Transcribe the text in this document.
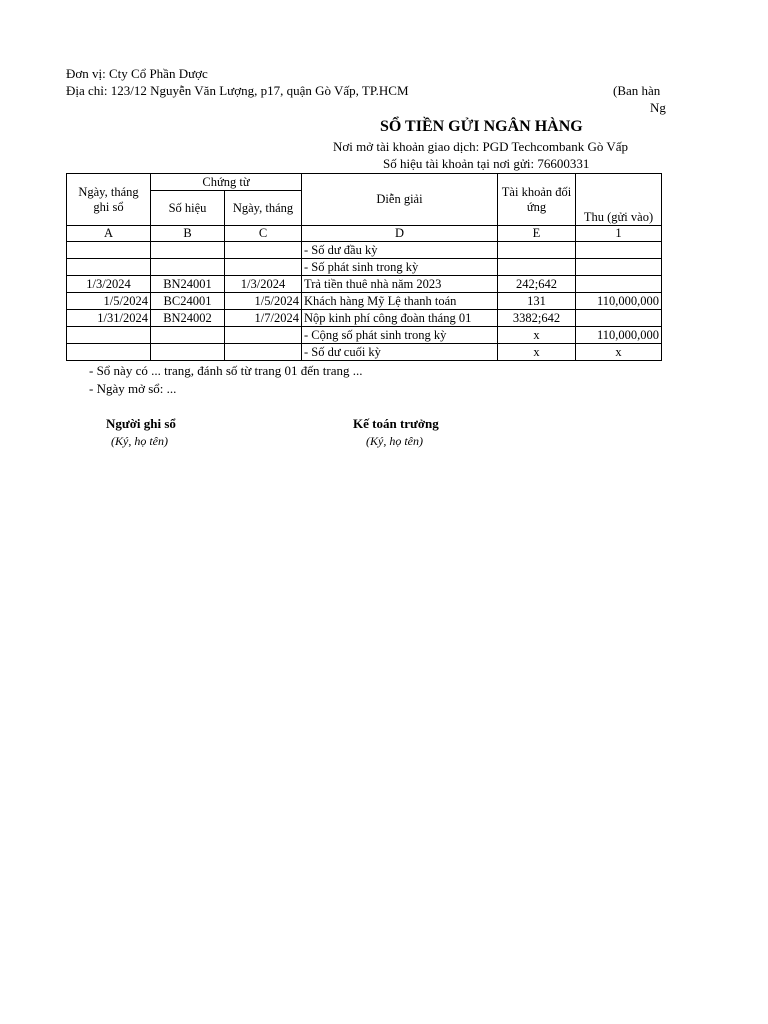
Đơn vị: Cty Cổ Phần Dược
Địa chỉ: 123/12 Nguyễn Văn Lượng, p17, quận Gò Vấp, TP.HCM	(Ban hàn
Ng
SỔ TIỀN GỬI NGÂN HÀNG
Nơi mở tài khoản giao dịch: PGD Techcombank Gò Vấp
Số hiệu tài khoản tại nơi gửi: 76600331
Ngày, tháng ghi sổ	Chứng từ		Diễn giải	Tài khoản đối ứng	Thu (gửi vào)
	Số hiệu	Ngày, tháng			
A	B	C	D	E	1
			- Số dư đầu kỳ		
			- Số phát sinh trong kỳ		
1/3/2024	BN24001	1/3/2024	Trả tiền thuê nhà năm 2023	242;642	
1/5/2024	BC24001	1/5/2024	Khách hàng Mỹ Lệ thanh toán	131	110,000,000
1/31/2024	BN24002	1/7/2024	Nộp kinh phí công đoàn tháng 01	3382;642	
			- Cộng số phát sinh trong kỳ	x	110,000,000
			- Số dư cuối kỳ	x	x
- Sổ này có ... trang, đánh số từ trang 01 đến trang ...
- Ngày mở sổ: ...
Người ghi sổ
(Ký, họ tên)
Kế toán trưởng
(Ký, họ tên)
